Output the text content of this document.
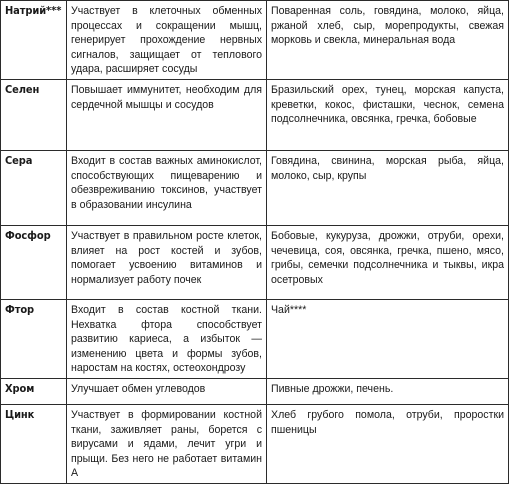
Натрий***	Участвует в клеточных обменных процессах и сокращении мышц, генерирует прохождение нервных сигналов, защищает от теплового удара, расширяет сосуды	Поваренная соль, говядина, молоко, яйца, ржаной хлеб, сыр, морепродукты, свежая морковь и свекла, минеральная вода
Селен	Повышает иммунитет, необходим для сердечной мышцы и сосудов	Бразильский орех, тунец, морская капуста, креветки, кокос, фисташки, чеснок, семена подсолнечника, овсянка, гречка, бобовые
Сера	Входит в состав важных аминокислот, способствующих пищеварению и обезвреживанию токсинов, участвует в образовании инсулина	Говядина, свинина, морская рыба, яйца, молоко, сыр, крупы
Фосфор	Участвует в правильном росте клеток, влияет на рост костей и зубов, помогает усвоению витаминов и нормализует работу почек	Бобовые, кукуруза, дрожжи, отруби, орехи, чечевица, соя, овсянка, гречка, пшено, мясо, грибы, семечки подсолнечника и тыквы, икра осетровых
Фтор	Входит в состав костной ткани. Нехватка фтора способствует развитию кариеса, а избыток — изменению цвета и формы зубов, наростам на костях, остеохондрозу	Чай****
Хром	Улучшает обмен углеводов	Пивные дрожжи, печень.
Цинк	Участвует в формировании костной ткани, заживляет раны, борется с вирусами и ядами, лечит угри и прыщи. Без него не работает витамин А	Хлеб грубого помола, отруби, проростки пшеницы
